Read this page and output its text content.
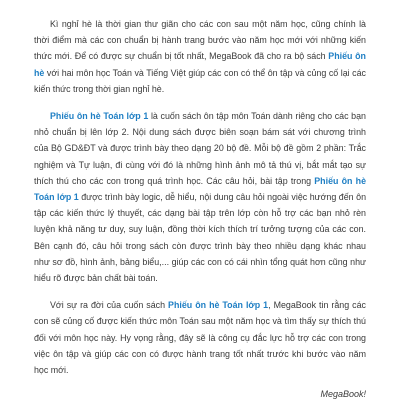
Kì nghỉ hè là thời gian thư giãn cho các con sau một năm học, cũng chính là thời điểm mà các con chuẩn bị hành trang bước vào năm học mới với những kiến thức mới. Để có được sự chuẩn bị tốt nhất, MegaBook đã cho ra bộ sách Phiếu ôn hè với hai môn học Toán và Tiếng Việt giúp các con có thể ôn tập và củng cố lại các kiến thức trong thời gian nghỉ hè.

Phiếu ôn hè Toán lớp 1 là cuốn sách ôn tập môn Toán dành riêng cho các bạn nhỏ chuẩn bị lên lớp 2. Nội dung sách được biên soạn bám sát với chương trình của Bộ GD&ĐT và được trình bày theo dạng 20 bộ đề. Mỗi bộ đề gồm 2 phần: Trắc nghiệm và Tự luận, đi cùng với đó là những hình ảnh mô tả thú vị, bắt mắt tạo sự thích thú cho các con trong quá trình học. Các câu hỏi, bài tập trong Phiếu ôn hè Toán lớp 1 được trình bày logic, dễ hiểu, nội dung câu hỏi ngoài việc hướng đến ôn tập các kiến thức lý thuyết, các dạng bài tập trên lớp còn hỗ trợ các bạn nhỏ rèn luyện khả năng tư duy, suy luận, đồng thời kích thích trí tưởng tượng của các con. Bên cạnh đó, câu hỏi trong sách còn được trình bày theo nhiều dạng khác nhau như sơ đồ, hình ảnh, bảng biểu,... giúp các con có cái nhìn tổng quát hơn cũng như hiểu rõ được bản chất bài toán.

Với sự ra đời của cuốn sách Phiếu ôn hè Toán lớp 1, MegaBook tin rằng các con sẽ củng cố được kiến thức môn Toán sau một năm học và tìm thấy sự thích thú đối với môn học này. Hy vọng rằng, đây sẽ là công cụ đắc lực hỗ trợ các con trong việc ôn tập và giúp các con có được hành trang tốt nhất trước khi bước vào năm học mới.

MegaBook!
